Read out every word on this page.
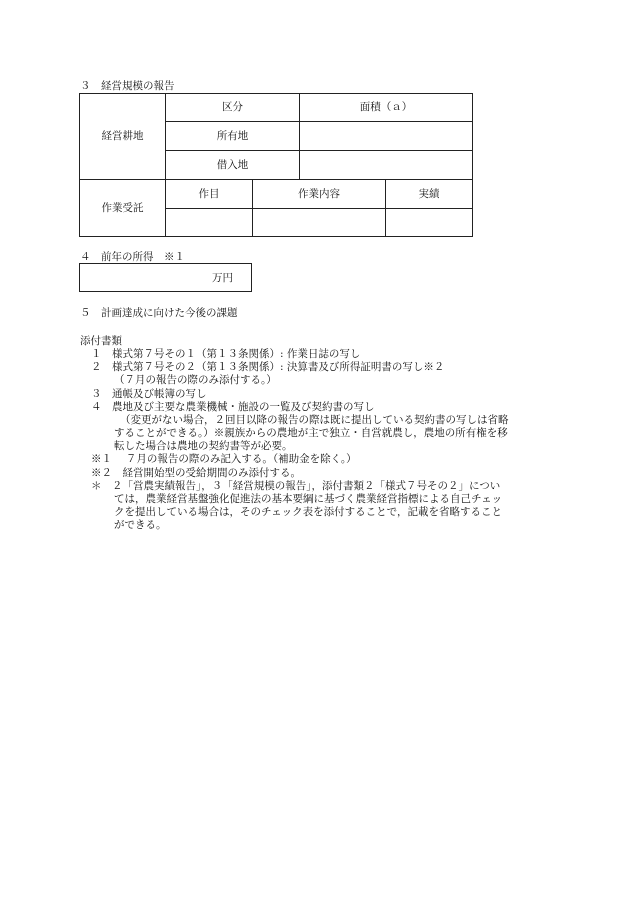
３　経営規模の報告
経営耕地	区分	面積（ａ）
	所有地	
	借入地	
作業受託	作目	作業内容	実績

４　前年の所得　※１
万円
５　計画達成に向けた今後の課題
添付書類
１　様式第７号その１（第１３条関係）: 作業日誌の写し
２　様式第７号その２（第１３条関係）: 決算書及び所得証明書の写し※２
（７月の報告の際のみ添付する。）
３　通帳及び帳簿の写し
４　農地及び主要な農業機械・施設の一覧及び契約書の写し
（変更がない場合，２回目以降の報告の際は既に提出している契約書の写しは省略
することができる。）※親族からの農地が主で独立・自営就農し，農地の所有権を移
転した場合は農地の契約書等が必要。
※１　 ７月の報告の際のみ記入する。（補助金を除く。）
※２　経営開始型の受給期間のみ添付する。
＊　２「営農実績報告」，３「経営規模の報告」，添付書類２「様式７号その２」につい
ては，農業経営基盤強化促進法の基本要綱に基づく農業経営指標による自己チェッ
クを提出している場合は，そのチェック表を添付することで，記載を省略すること
ができる。
